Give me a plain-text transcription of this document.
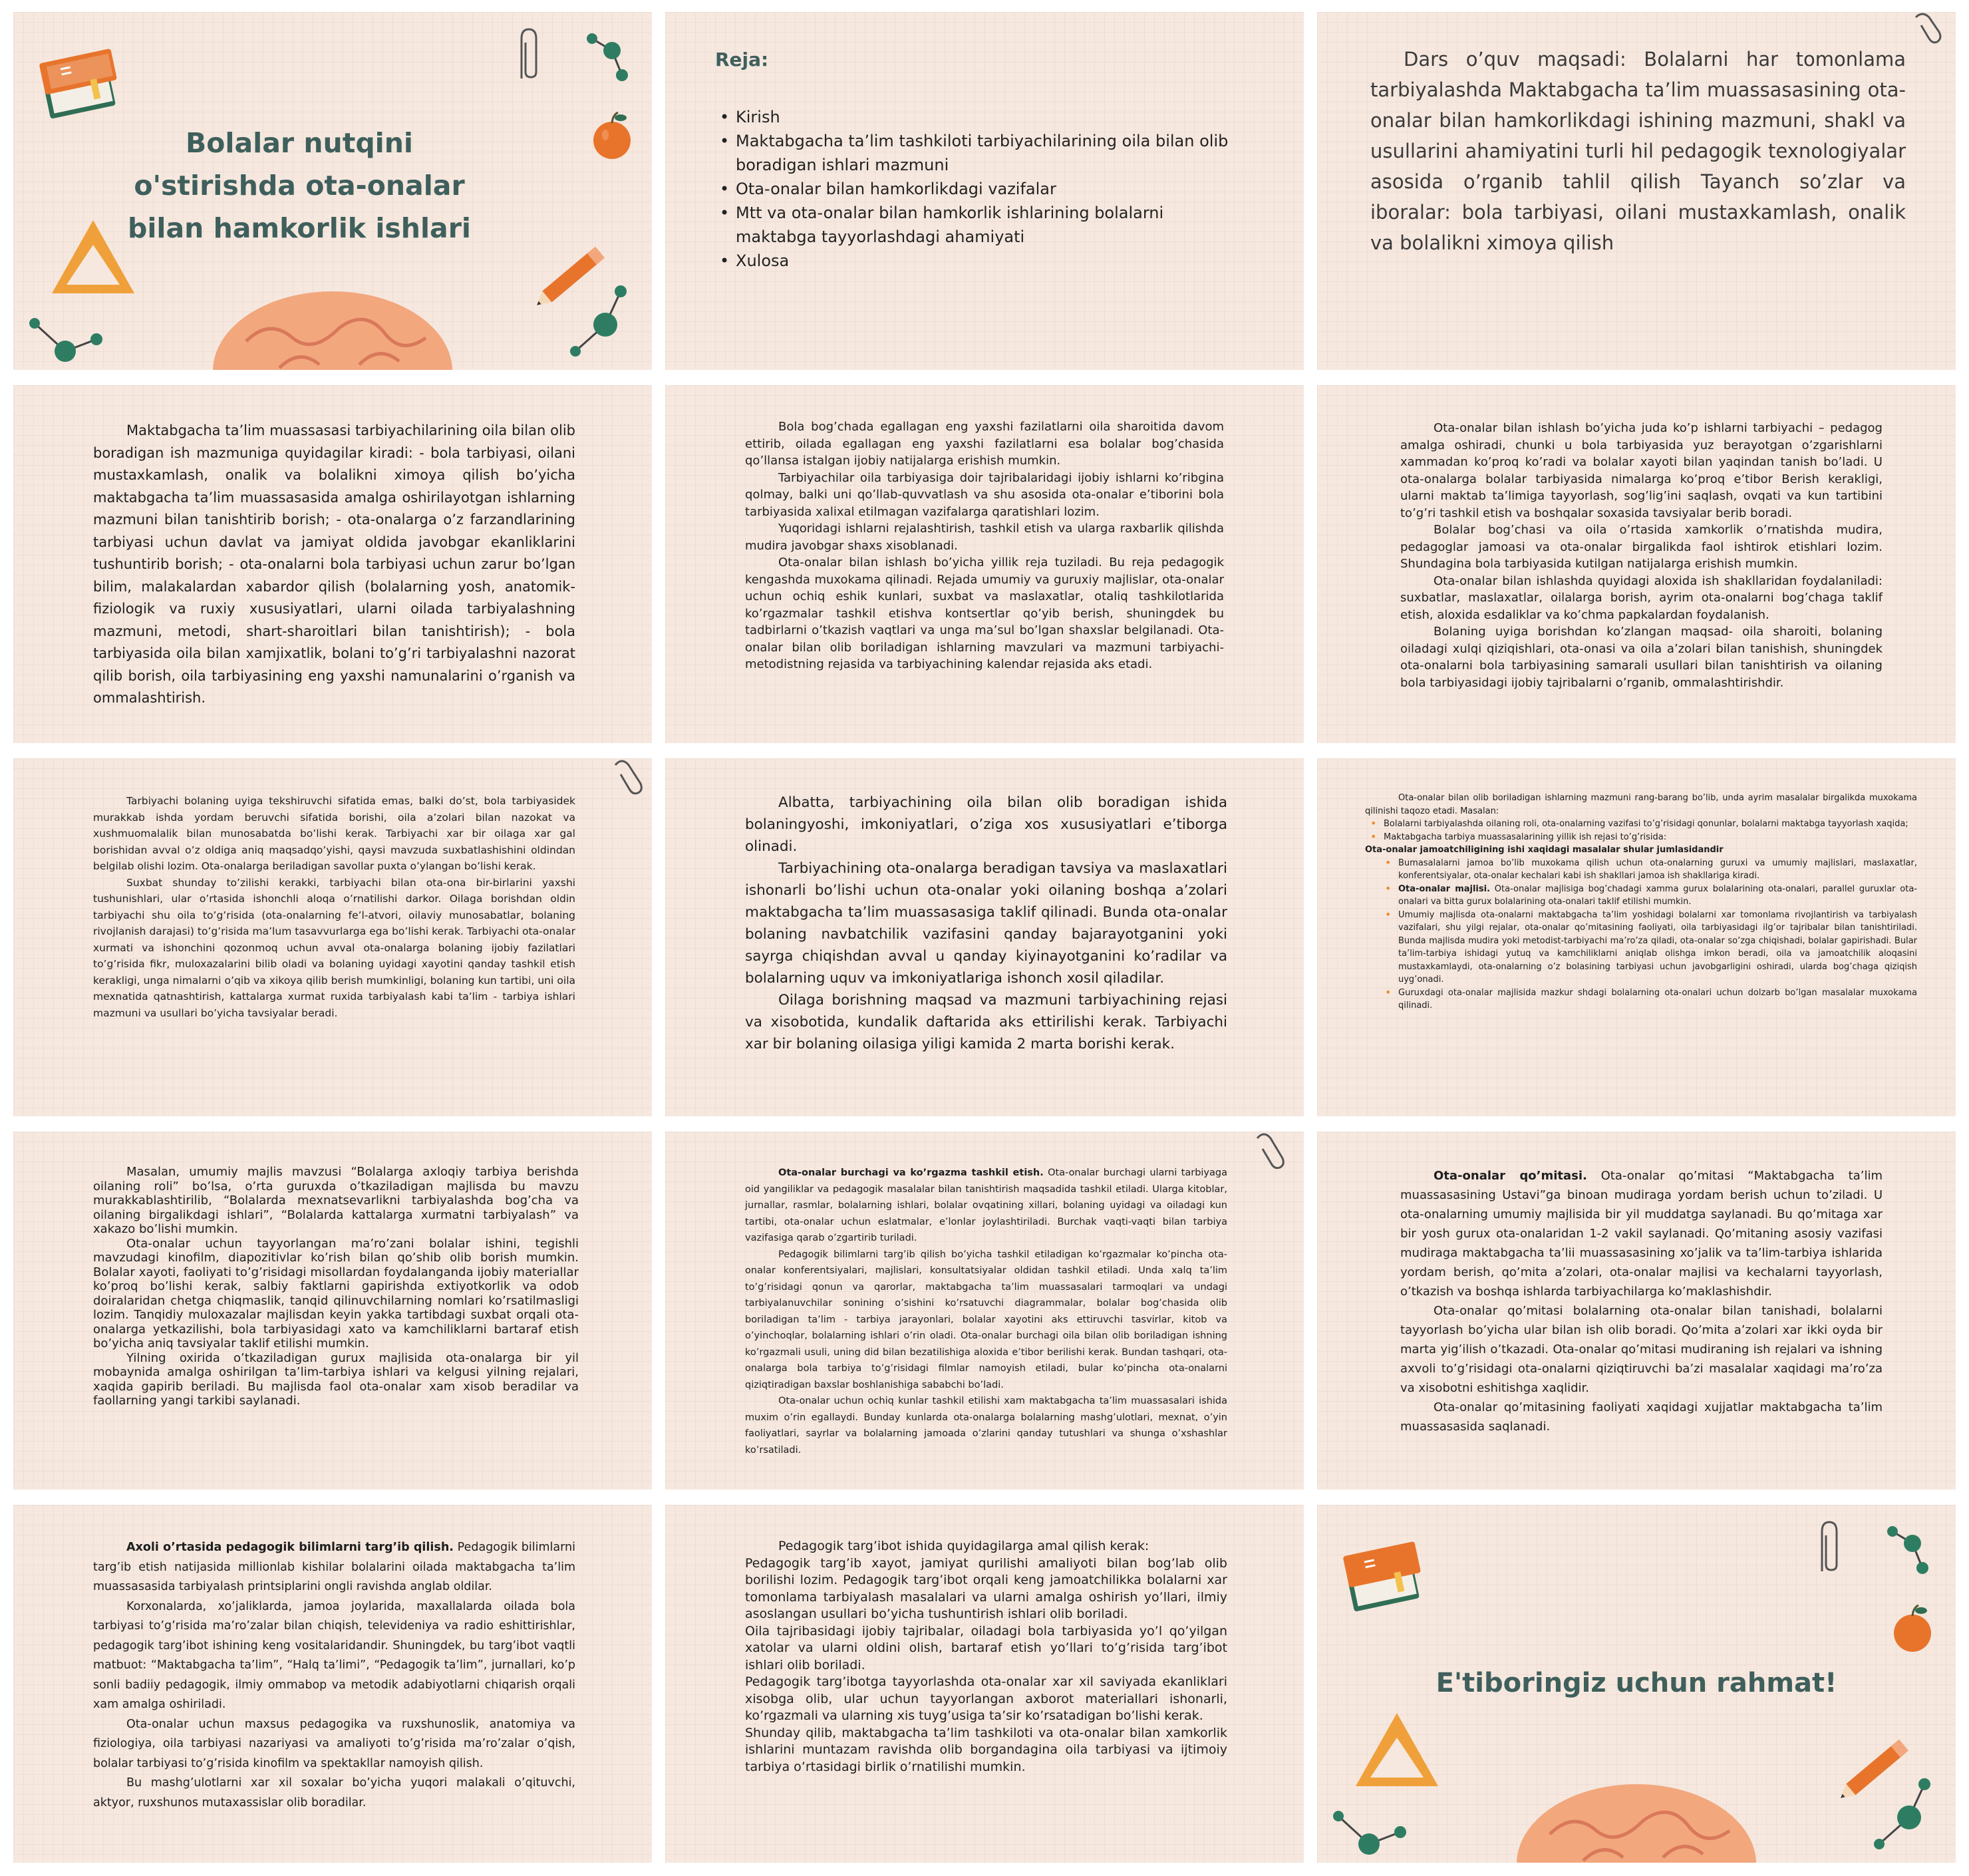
Bolalar nutqini o'stirishda ota-onalar bilan hamkorlik ishlari
Reja:
• Kirish
• Maktabgacha ta’lim tashkiloti tarbiyachilarining oila bilan olib boradigan ishlari mazmuni
• Ota-onalar bilan hamkorlikdagi vazifalar
• Mtt va ota-onalar bilan hamkorlik ishlarining bolalarni maktabga tayyorlashdagi ahamiyati
• Xulosa

Dars o’quv maqsadi: Bolalarni har tomonlama tarbiyalashda Maktabgacha ta’lim muassasasining ota- onalar bilan hamkorlikdagi ishining mazmuni, shakl va usullarini ahamiyatini turli hil pedagogik texnologiyalar asosida o’rganib tahlil qilish Tayanch so’zlar va iboralar: bola tarbiyasi, oilani mustaxkamlash, onalik va bolalikni ximoya qilish

Maktabgacha ta’lim muassasasi tarbiyachilarining oila bilan olib boradigan ish mazmuniga quyidagilar kiradi: - bola tarbiyasi, oilani mustaxkamlash, onalik va bolalikni ximoya qilish bo’yicha maktabgacha ta’lim muassasasida amalga oshirilayotgan ishlarning mazmuni bilan tanishtirib borish; - ota-onalarga o’z farzandlarining tarbiyasi uchun davlat va jamiyat oldida javobgar ekanliklarini tushuntirib borish; - ota-onalarni bola tarbiyasi uchun zarur bo’lgan bilim, malakalardan xabardor qilish (bolalarning yosh, anatomik-fiziologik va ruxiy xususiyatlari, ularni oilada tarbiyalashning mazmuni, metodi, shart-sharoitlari bilan tanishtirish); - bola tarbiyasida oila bilan xamjixatlik, bolani to’g’ri tarbiyalashni nazorat qilib borish, oila tarbiyasining eng yaxshi namunalarini o’rganish va ommalashtirish.

Bola bog’chada egallagan eng yaxshi fazilatlarni oila sharoitida davom ettirib, oilada egallagan eng yaxshi fazilatlarni esa bolalar bog’chasida qo’llansa istalgan ijobiy natijalarga erishish mumkin.

Tarbiyachilar oila tarbiyasiga doir tajribalaridagi ijobiy ishlarni ko’ribgina qolmay, balki uni qo’llab-quvvatlash va shu asosida ota-onalar e’tiborini bola tarbiyasida xalixal etilmagan vazifalarga qaratishlari lozim.

Yuqoridagi ishlarni rejalashtirish, tashkil etish va ularga raxbarlik qilishda mudira javobgar shaxs xisoblanadi.

Ota-onalar bilan ishlash bo’yicha yillik reja tuziladi. Bu reja pedagogik kengashda muxokama qilinadi. Rejada umumiy va guruxiy majlislar, ota-onalar uchun ochiq eshik kunlari, suxbat va maslaxatlar, otaliq tashkilotlarida ko’rgazmalar tashkil etishva kontsertlar qo’yib berish, shuningdek bu tadbirlarni o’tkazish vaqtlari va unga ma’sul bo’lgan shaxslar belgilanadi. Ota-onalar bilan olib boriladigan ishlarning mavzulari va mazmuni tarbiyachi-metodistning rejasida va tarbiyachining kalendar rejasida aks etadi.

Ota-onalar bilan ishlash bo’yicha juda ko’p ishlarni tarbiyachi – pedagog amalga oshiradi, chunki u bola tarbiyasida yuz berayotgan o’zgarishlarni xammadan ko’proq ko’radi va bolalar xayoti bilan yaqindan tanish bo’ladi. U ota-onalarga bolalar tarbiyasida nimalarga ko’proq e’tibor Berish kerakligi, ularni maktab ta’limiga tayyorlash, sog’lig’ini saqlash, ovqati va kun tartibini to’g’ri tashkil etish va boshqalar soxasida tavsiyalar berib boradi.

Bolalar bog’chasi va oila o’rtasida xamkorlik o’rnatishda mudira, pedagoglar jamoasi va ota-onalar birgalikda faol ishtirok etishlari lozim. Shundagina bola tarbiyasida kutilgan natijalarga erishish mumkin.

Ota-onalar bilan ishlashda quyidagi aloxida ish shakllaridan foydalaniladi: suxbatlar, maslaxatlar, oilalarga borish, ayrim ota-onalarni bog’chaga taklif etish, aloxida esdaliklar va ko’chma papkalardan foydalanish.

Bolaning uyiga borishdan ko’zlangan maqsad- oila sharoiti, bolaning oiladagi xulqi qiziqishlari, ota-onasi va oila a’zolari bilan tanishish, shuningdek ota-onalarni bola tarbiyasining samarali usullari bilan tanishtirish va oilaning bola tarbiyasidagi ijobiy tajribalarni o’rganib, ommalashtirishdir.

Tarbiyachi bolaning uyiga tekshiruvchi sifatida emas, balki do’st, bola tarbiyasidek murakkab ishda yordam beruvchi sifatida borishi, oila a’zolari bilan nazokat va xushmuomalalik bilan munosabatda bo’lishi kerak. Tarbiyachi xar bir oilaga xar gal borishidan avval o’z oldiga aniq maqsadqo’yishi, qaysi mavzuda suxbatlashishini oldindan belgilab olishi lozim. Ota-onalarga beriladigan savollar puxta o’ylangan bo’lishi kerak.

Suxbat shunday to’zilishi kerakki, tarbiyachi bilan ota-ona bir-birlarini yaxshi tushunishlari, ular o’rtasida ishonchli aloqa o’rnatilishi darkor. Oilaga borishdan oldin tarbiyachi shu oila to’g’risida (ota-onalarning fe’l-atvori, oilaviy munosabatlar, bolaning rivojlanish darajasi) to’g’risida ma’lum tasavvurlarga ega bo’lishi kerak. Tarbiyachi ota-onalar xurmati va ishonchini qozonmoq uchun avval ota-onalarga bolaning ijobiy fazilatlari to’g’risida fikr, muloxazalarini bilib oladi va bolaning uyidagi xayotini qanday tashkil etish kerakligi, unga nimalarni o’qib va xikoya qilib berish mumkinligi, bolaning kun tartibi, uni oila mexnatida qatnashtirish, kattalarga xurmat ruxida tarbiyalash kabi ta’lim - tarbiya ishlari mazmuni va usullari bo’yicha tavsiyalar beradi.

Albatta, tarbiyachining oila bilan olib boradigan ishida bolaningyoshi, imkoniyatlari, o’ziga xos xususiyatlari e’tiborga olinadi.

Tarbiyachining ota-onalarga beradigan tavsiya va maslaxatlari ishonarli bo’lishi uchun ota-onalar yoki oilaning boshqa a’zolari maktabgacha ta’lim muassasasiga taklif qilinadi. Bunda ota-onalar bolaning navbatchilik vazifasini qanday bajarayotganini yoki sayrga chiqishdan avval u qanday kiyinayotganini ko’radilar va bolalarning uquv va imkoniyatlariga ishonch xosil qiladilar.

Oilaga borishning maqsad va mazmuni tarbiyachining rejasi va xisobotida, kundalik daftarida aks ettirilishi kerak. Tarbiyachi xar bir bolaning oilasiga yiligi kamida 2 marta borishi kerak.

Ota-onalar bilan olib boriladigan ishlarning mazmuni rang-barang bo’lib, unda ayrim masalalar birgalikda muxokama qilinishi taqozo etadi. Masalan:

• Bolalarni tarbiyalashda oilaning roli, ota-onalarning vazifasi to’g’risidagi qonunlar, bolalarni maktabga tayyorlash xaqida;
• Maktabgacha tarbiya muassasalarining yillik ish rejasi to’g’risida:
Ota-onalar jamoatchiligining ishi xaqidagi masalalar shular jumlasidandir
• Bumasalalarni jamoa bo’lib muxokama qilish uchun ota-onalarning guruxi va umumiy majlislari, maslaxatlar, konferentsiyalar, ota-onalar kechalari kabi ish shakllari jamoa ish shakllariga kiradi.
• Ota-onalar majlisi. Ota-onalar majlisiga bog’chadagi xamma gurux bolalarining ota-onalari, parallel guruxlar ota-onalari va bitta gurux bolalarining ota-onalari taklif etilishi mumkin.
• Umumiy majlisda ota-onalarni maktabgacha ta’lim yoshidagi bolalarni xar tomonlama rivojlantirish va tarbiyalash vazifalari, shu yilgi rejalar, ota-onalar qo’mitasining faoliyati, oila tarbiyasidagi ilg’or tajribalar bilan tanishtiriladi. Bunda majlisda mudira yoki metodist-tarbiyachi ma’ro’za qiladi, ota-onalar so’zga chiqishadi, bolalar gapirishadi. Bular ta’lim-tarbiya ishidagi yutuq va kamchiliklarni aniqlab olishga imkon beradi, oila va jamoatchilik aloqasini mustaxkamlaydi, ota-onalarning o’z bolasining tarbiyasi uchun javobgarligini oshiradi, ularda bog’chaga qiziqish uyg’onadi.
• Guruxdagi ota-onalar majlisida mazkur shdagi bolalarning ota-onalari uchun dolzarb bo’lgan masalalar muxokama qilinadi.

Masalan, umumiy majlis mavzusi “Bolalarga axloqiy tarbiya berishda oilaning roli” bo’lsa, o’rta guruxda o’tkaziladigan majlisda bu mavzu murakkablashtirilib, “Bolalarda mexnatsevarlikni tarbiyalashda bog’cha va oilaning birgalikdagi ishlari”, “Bolalarda kattalarga xurmatni tarbiyalash” va xakazo bo’lishi mumkin.

Ota-onalar uchun tayyorlangan ma’ro’zani bolalar ishini, tegishli mavzudagi kinofilm, diapozitivlar ko’rish bilan qo’shib olib borish mumkin. Bolalar xayoti, faoliyati to’g’risidagi misollardan foydalanganda ijobiy materiallar ko’proq bo’lishi kerak, salbiy faktlarni gapirishda extiyotkorlik va odob doiralaridan chetga chiqmaslik, tanqid qilinuvchilarning nomlari ko’rsatilmasligi lozim. Tanqidiy muloxazalar majlisdan keyin yakka tartibdagi suxbat orqali ota-onalarga yetkazilishi, bola tarbiyasidagi xato va kamchiliklarni bartaraf etish bo’yicha aniq tavsiyalar taklif etilishi mumkin.

Yilning oxirida o’tkaziladigan gurux majlisida ota-onalarga bir yil mobaynida amalga oshirilgan ta’lim-tarbiya ishlari va kelgusi yilning rejalari, xaqida gapirib beriladi. Bu majlisda faol ota-onalar xam xisob beradilar va faollarning yangi tarkibi saylanadi.

Ota-onalar burchagi va ko’rgazma tashkil etish. Ota-onalar burchagi ularni tarbiyaga oid yangiliklar va pedagogik masalalar bilan tanishtirish maqsadida tashkil etiladi. Ularga kitoblar, jurnallar, rasmlar, bolalarning ishlari, bolalar ovqatining xillari, bolaning uyidagi va oiladagi kun tartibi, ota-onalar uchun eslatmalar, e’lonlar joylashtiriladi. Burchak vaqti-vaqti bilan tarbiya vazifasiga qarab o’zgartirib turiladi.

Pedagogik bilimlarni targ’ib qilish bo’yicha tashkil etiladigan ko’rgazmalar ko’pincha ota-onalar konferentsiyalari, majlislari, konsultatsiyalar oldidan tashkil etiladi. Unda xalq ta’lim to’g’risidagi qonun va qarorlar, maktabgacha ta’lim muassasalari tarmoqlari va undagi tarbiyalanuvchilar sonining o’sishini ko’rsatuvchi diagrammalar, bolalar bog’chasida olib boriladigan ta’lim - tarbiya jarayonlari, bolalar xayotini aks ettiruvchi tasvirlar, kitob va o’yinchoqlar, bolalarning ishlari o’rin oladi. Ota-onalar burchagi oila bilan olib boriladigan ishning ko’rgazmali usuli, uning did bilan bezatilishiga aloxida e’tibor berilishi kerak. Bundan tashqari, ota-onalarga bola tarbiya to’g’risidagi filmlar namoyish etiladi, bular ko’pincha ota-onalarni qiziqtiradigan baxslar boshlanishiga sababchi bo’ladi.

Ota-onalar uchun ochiq kunlar tashkil etilishi xam maktabgacha ta’lim muassasalari ishida muxim o’rin egallaydi. Bunday kunlarda ota-onalarga bolalarning mashg’ulotlari, mexnat, o’yin faoliyatlari, sayrlar va bolalarning jamoada o’zlarini qanday tutushlari va shunga o’xshashlar ko’rsatiladi.

Ota-onalar qo’mitasi. Ota-onalar qo’mitasi “Maktabgacha ta’lim muassasasining Ustavi”ga binoan mudiraga yordam berish uchun to’ziladi. U ota-onalarning umumiy majlisida bir yil muddatga saylanadi. Bu qo’mitaga xar bir yosh gurux ota-onalaridan 1-2 vakil saylanadi. Qo’mitaning asosiy vazifasi mudiraga maktabgacha ta’lii muassasasining xo’jalik va ta’lim-tarbiya ishlarida yordam berish, qo’mita a’zolari, ota-onalar majlisi va kechalarni tayyorlash, o’tkazish va boshqa ishlarda tarbiyachilarga ko’maklashishdir.

Ota-onalar qo’mitasi bolalarning ota-onalar bilan tanishadi, bolalarni tayyorlash bo’yicha ular bilan ish olib boradi. Qo’mita a’zolari xar ikki oyda bir marta yig’ilish o’tkazadi. Ota-onalar qo’mitasi mudiraning ish rejalari va ishning axvoli to’g’risidagi ota-onalarni qiziqtiruvchi ba’zi masalalar xaqidagi ma’ro’za va xisobotni eshitishga xaqlidir.

Ota-onalar qo’mitasining faoliyati xaqidagi xujjatlar maktabgacha ta’lim muassasasida saqlanadi.

Axoli o’rtasida pedagogik bilimlarni targ’ib qilish. Pedagogik bilimlarni targ’ib etish natijasida millionlab kishilar bolalarini oilada maktabgacha ta’lim muassasasida tarbiyalash printsiplarini ongli ravishda anglab oldilar.

Korxonalarda, xo’jaliklarda, jamoa joylarida, maxallalarda oilada bola tarbiyasi to’g’risida ma’ro’zalar bilan chiqish, televideniya va radio eshittirishlar, pedagogik targ’ibot ishining keng vositalaridandir. Shuningdek, bu targ’ibot vaqtli matbuot: “Maktabgacha ta’lim”, “Halq ta’limi”, “Pedagogik ta’lim”, jurnallari, ko’p sonli badiiy pedagogik, ilmiy ommabop va metodik adabiyotlarni chiqarish orqali xam amalga oshiriladi.

Ota-onalar uchun maxsus pedagogika va ruxshunoslik, anatomiya va fiziologiya, oila tarbiyasi nazariyasi va amaliyoti to’g’risida ma’ro’zalar o’qish, bolalar tarbiyasi to’g’risida kinofilm va spektakllar namoyish qilish.

Bu mashg’ulotlarni xar xil soxalar bo’yicha yuqori malakali o’qituvchi, aktyor, ruxshunos mutaxassislar olib boradilar.

Pedagogik targ’ibot ishida quyidagilarga amal qilish kerak:

Pedagogik targ’ib xayot, jamiyat qurilishi amaliyoti bilan bog’lab olib borilishi lozim. Pedagogik targ’ibot orqali keng jamoatchilikka bolalarni xar tomonlama tarbiyalash masalalari va ularni amalga oshirish yo’llari, ilmiy asoslangan usullari bo’yicha tushuntirish ishlari olib boriladi.

Oila tajribasidagi ijobiy tajribalar, oiladagi bola tarbiyasida yo’l qo’yilgan xatolar va ularni oldini olish, bartaraf etish yo’llari to’g’risida targ’ibot ishlari olib boriladi.

Pedagogik targ’ibotga tayyorlashda ota-onalar xar xil saviyada ekanliklari xisobga olib, ular uchun tayyorlangan axborot materiallari ishonarli, ko’rgazmali va ularning xis tuyg’usiga ta’sir ko’rsatadigan bo’lishi kerak.

Shunday qilib, maktabgacha ta’lim tashkiloti va ota-onalar bilan xamkorlik ishlarini muntazam ravishda olib borgandagina oila tarbiyasi va ijtimoiy tarbiya o’rtasidagi birlik o’rnatilishi mumkin.

E'tiboringiz uchun rahmat!
